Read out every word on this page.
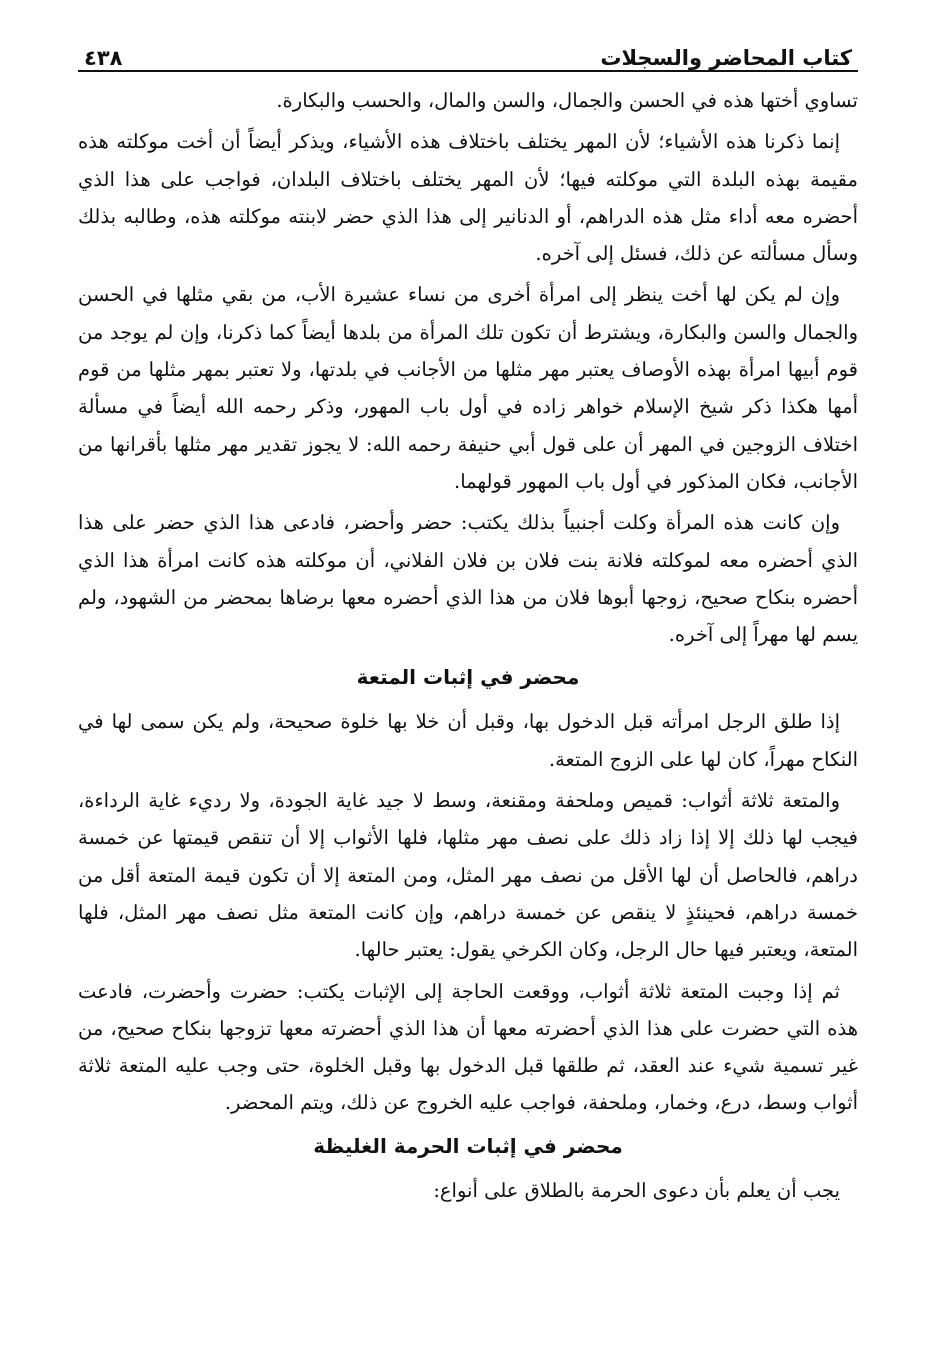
كتاب المحاضر والسجلات
٤٣٨

تساوي أختها هذه في الحسن والجمال، والسن والمال، والحسب والبكارة.

إنما ذكرنا هذه الأشياء؛ لأن المهر يختلف باختلاف هذه الأشياء، ويذكر أيضاً أن أخت موكلته هذه مقيمة بهذه البلدة التي موكلته فيها؛ لأن المهر يختلف باختلاف البلدان، فواجب على هذا الذي أحضره معه أداء مثل هذه الدراهم، أو الدنانير إلى هذا الذي حضر لابنته موكلته هذه، وطالبه بذلك وسأل مسألته عن ذلك، فسئل إلى آخره.

وإن لم يكن لها أخت ينظر إلى امرأة أخرى من نساء عشيرة الأب، من بقي مثلها في الحسن والجمال والسن والبكارة، ويشترط أن تكون تلك المرأة من بلدها أيضاً كما ذكرنا، وإن لم يوجد من قوم أبيها امرأة بهذه الأوصاف يعتبر مهر مثلها من الأجانب في بلدتها، ولا تعتبر بمهر مثلها من قوم أمها هكذا ذكر شيخ الإسلام خواهر زاده في أول باب المهور، وذكر رحمه الله أيضاً في مسألة اختلاف الزوجين في المهر أن على قول أبي حنيفة رحمه الله: لا يجوز تقدير مهر مثلها بأقرانها من الأجانب، فكان المذكور في أول باب المهور قولهما.

وإن كانت هذه المرأة وكلت أجنبياً بذلك يكتب: حضر وأحضر، فادعى هذا الذي حضر على هذا الذي أحضره معه لموكلته فلانة بنت فلان بن فلان الفلاني، أن موكلته هذه كانت امرأة هذا الذي أحضره بنكاح صحيح، زوجها أبوها فلان من هذا الذي أحضره معها برضاها بمحضر من الشهود، ولم يسم لها مهراً إلى آخره.

محضر في إثبات المتعة

إذا طلق الرجل امرأته قبل الدخول بها، وقبل أن خلا بها خلوة صحيحة، ولم يكن سمى لها في النكاح مهراً، كان لها على الزوج المتعة.

والمتعة ثلاثة أثواب: قميص وملحفة ومقنعة، وسط لا جيد غاية الجودة، ولا رديء غاية الرداءة، فيجب لها ذلك إلا إذا زاد ذلك على نصف مهر مثلها، فلها الأثواب إلا أن تنقص قيمتها عن خمسة دراهم، فالحاصل أن لها الأقل من نصف مهر المثل، ومن المتعة إلا أن تكون قيمة المتعة أقل من خمسة دراهم، فحينئذٍ لا ينقص عن خمسة دراهم، وإن كانت المتعة مثل نصف مهر المثل، فلها المتعة، ويعتبر فيها حال الرجل، وكان الكرخي يقول: يعتبر حالها.

ثم إذا وجبت المتعة ثلاثة أثواب، ووقعت الحاجة إلى الإثبات يكتب: حضرت وأحضرت، فادعت هذه التي حضرت على هذا الذي أحضرته معها أن هذا الذي أحضرته معها تزوجها بنكاح صحيح، من غير تسمية شيء عند العقد، ثم طلقها قبل الدخول بها وقبل الخلوة، حتى وجب عليه المتعة ثلاثة أثواب وسط، درع، وخمار، وملحفة، فواجب عليه الخروج عن ذلك، ويتم المحضر.

محضر في إثبات الحرمة الغليظة

يجب أن يعلم بأن دعوى الحرمة بالطلاق على أنواع:
